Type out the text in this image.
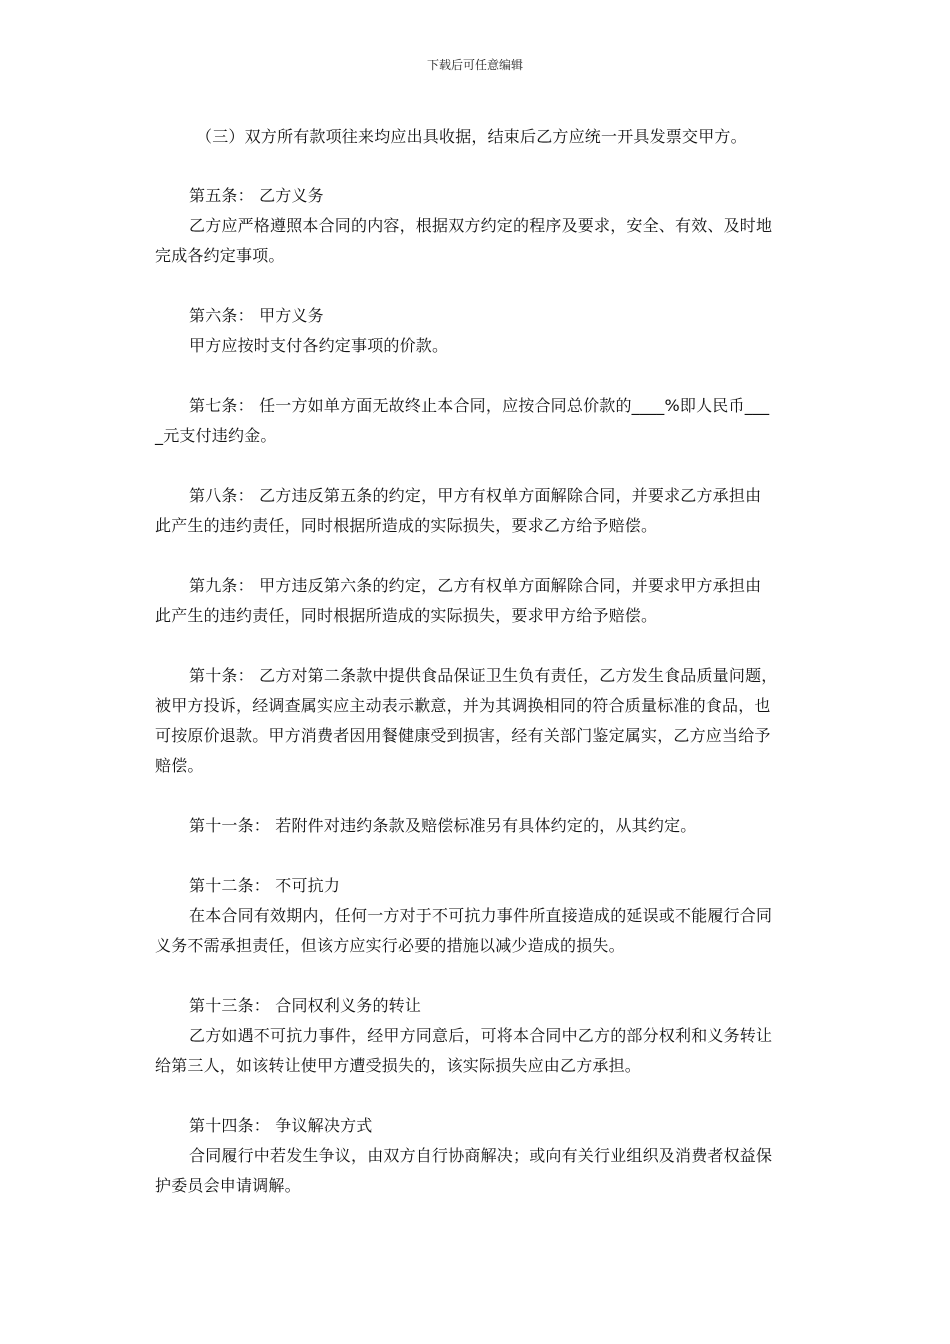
下载后可任意编辑
（三）双方所有款项往来均应出具收据，结束后乙方应统一开具发票交甲方。
第五条： 乙方义务
乙方应严格遵照本合同的内容，根据双方约定的程序及要求，安全、有效、及时地
完成各约定事项。
第六条： 甲方义务
甲方应按时支付各约定事项的价款。
第七条： 任一方如单方面无故终止本合同，应按合同总价款的____%即人民币___
_元支付违约金。
第八条： 乙方违反第五条的约定，甲方有权单方面解除合同，并要求乙方承担由
此产生的违约责任，同时根据所造成的实际损失，要求乙方给予赔偿。
第九条： 甲方违反第六条的约定，乙方有权单方面解除合同，并要求甲方承担由
此产生的违约责任，同时根据所造成的实际损失，要求甲方给予赔偿。
第十条： 乙方对第二条款中提供食品保证卫生负有责任，乙方发生食品质量问题，
被甲方投诉，经调查属实应主动表示歉意，并为其调换相同的符合质量标准的食品，也
可按原价退款。甲方消费者因用餐健康受到损害，经有关部门鉴定属实，乙方应当给予
赔偿。
第十一条： 若附件对违约条款及赔偿标准另有具体约定的，从其约定。
第十二条： 不可抗力
在本合同有效期内，任何一方对于不可抗力事件所直接造成的延误或不能履行合同
义务不需承担责任，但该方应实行必要的措施以减少造成的损失。
第十三条： 合同权利义务的转让
乙方如遇不可抗力事件，经甲方同意后，可将本合同中乙方的部分权利和义务转让
给第三人，如该转让使甲方遭受损失的，该实际损失应由乙方承担。
第十四条： 争议解决方式
合同履行中若发生争议，由双方自行协商解决；或向有关行业组织及消费者权益保
护委员会申请调解。
